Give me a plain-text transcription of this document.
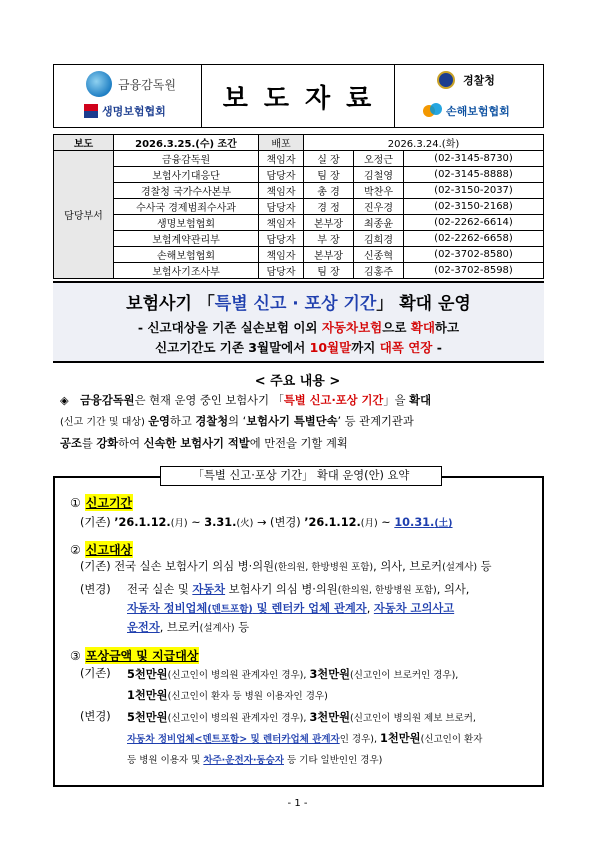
금융감독원
생명보험협회	보도자료
경찰청
손해보험협회
보도	2026.3.25.(수) 조간	배포	2026.3.24.(화)		
담당부서	금융감독원	책임자	실 장	오정근	(02-3145-8730)
	보험사기대응단	담당자	팀 장	김철영	(02-3145-8888)
	경찰청 국가수사본부	책임자	총 경	박찬우	(02-3150-2037)
	수사국 경제범죄수사과	담당자	경 정	진우경	(02-3150-2168)
	생명보험협회	책임자	본부장	최종윤	(02-2262-6614)
	보험계약관리부	담당자	부 장	김희경	(02-2262-6658)
	손해보험협회	책임자	본부장	신종혁	(02-3702-8580)
	보험사기조사부	담당자	팀 장	김홍주	(02-3702-8598)
보험사기 「특별 신고 · 포상 기간」 확대 운영
- 신고대상을 기존 실손보험 이외 자동차보험으로 확대하고
신고기간도 기존 3월말에서 10월말까지 대폭 연장 -
< 주요 내용 >
◈ 금융감독원은 현재 운영 중인 보험사기 「특별 신고·포상 기간」을 확대
(신고 기간 및 대상) 운영하고 경찰청의 ‘보험사기 특별단속’ 등 관계기관과
공조를 강화하여 신속한 보험사기 적발에 만전을 기할 계획
「특별 신고·포상 기간」 확대 운영(안) 요약
① 신고기간
(기존) ’26.1.12.(月) ~ 3.31.(火) → (변경) ’26.1.12.(月) ~ 10.31.(土)
② 신고대상
(기존) 전국 실손 보험사기 의심 병·의원(한의원, 한방병원 포함), 의사, 브로커(설계사) 등
(변경) 전국 실손 및 자동차 보험사기 의심 병·의원(한의원, 한방병원 포함), 의사,
자동차 정비업체(덴트포함) 및 렌터카 업체 관계자, 자동차 고의사고
운전자, 브로커(설계사) 등
③ 포상금액 및 지급대상
(기존) 5천만원(신고인이 병의원 관계자인 경우), 3천만원(신고인이 브로커인 경우),
1천만원(신고인이 환자 등 병원 이용자인 경우)
(변경) 5천만원(신고인이 병의원 관계자인 경우), 3천만원(신고인이 병의원 제보 브로커,
자동차 정비업체<덴트포함> 및 렌터카업체 관계자인 경우), 1천만원(신고인이 환자
등 병원 이용자 및 차주·운전자·동승자 등 기타 일반인인 경우)
- 1 -
